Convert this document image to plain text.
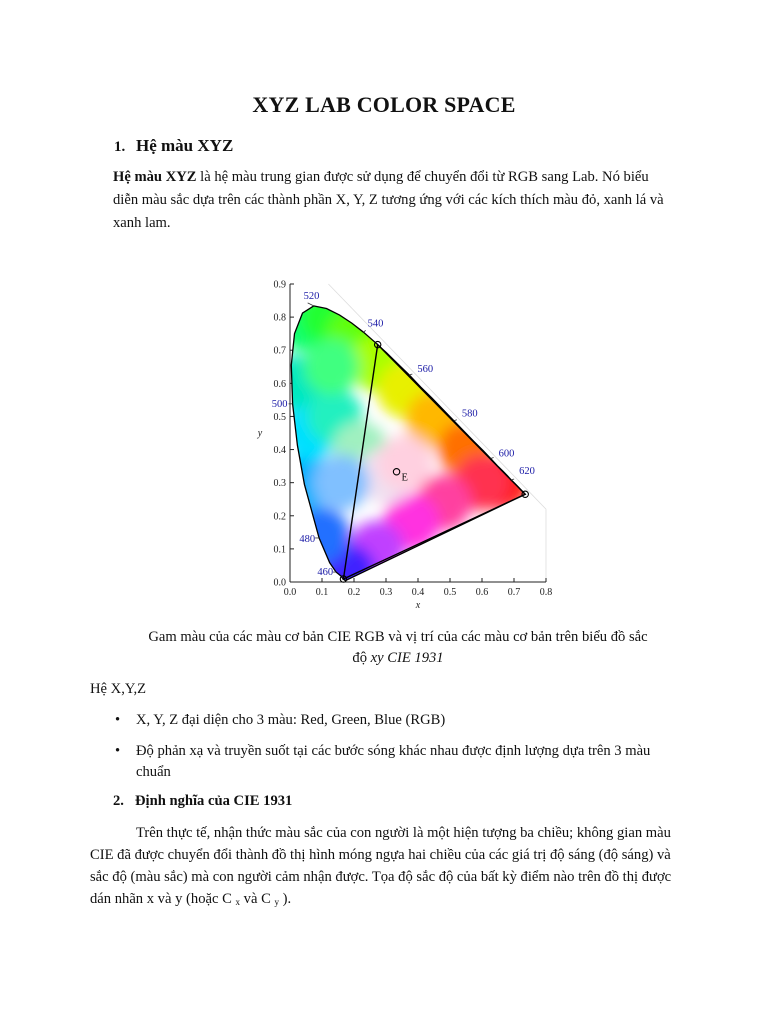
XYZ LAB COLOR SPACE
1. Hệ màu XYZ
Hệ màu XYZ là hệ màu trung gian được sử dụng để chuyển đổi từ RGB sang Lab. Nó biểu diễn màu sắc dựa trên các thành phần X, Y, Z tương ứng với các kích thích màu đỏ, xanh lá và xanh lam.
0.0
0.1
0.2
0.3
0.4
0.5
0.6
0.7
0.8
0.9
0.0 0.1 0.2 0.3 0.4 0.5 0.6 0.7 0.8
x
y
E
520
540
560
580
600
620
500
480
460
Gam màu của các màu cơ bản CIE RGB và vị trí của các màu cơ bản trên biểu đồ sắc
độ xy CIE 1931
Hệ X,Y,Z
• X, Y, Z đại diện cho 3 màu: Red, Green, Blue (RGB)
• Độ phản xạ và truyền suốt tại các bước sóng khác nhau được định lượng dựa trên 3 màu chuẩn
2. Định nghĩa của CIE 1931
Trên thực tế, nhận thức màu sắc của con người là một hiện tượng ba chiều; không gian màu CIE đã được chuyển đổi thành đồ thị hình móng ngựa hai chiều của các giá trị độ sáng (độ sáng) và sắc độ (màu sắc) mà con người cảm nhận được. Tọa độ sắc độ của bất kỳ điểm nào trên đồ thị được dán nhãn x và y (hoặc C $_x$ và C $_y$ ).
